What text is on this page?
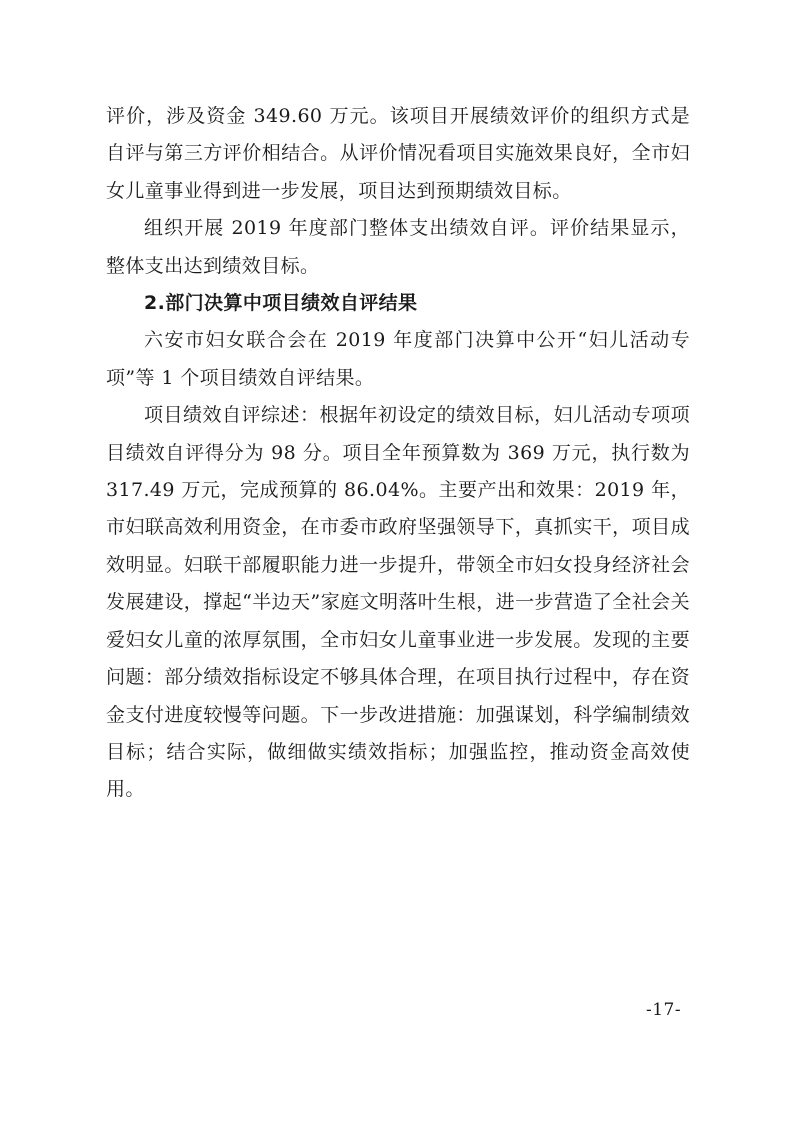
评价，涉及资金 349.60 万元。该项目开展绩效评价的组织方式是自评与第三方评价相结合。从评价情况看项目实施效果良好，全市妇女儿童事业得到进一步发展，项目达到预期绩效目标。

组织开展 2019 年度部门整体支出绩效自评。评价结果显示，整体支出达到绩效目标。

2.部门决算中项目绩效自评结果

六安市妇女联合会在 2019 年度部门决算中公开“妇儿活动专项”等 1 个项目绩效自评结果。

项目绩效自评综述：根据年初设定的绩效目标，妇儿活动专项项目绩效自评得分为 98 分。项目全年预算数为 369 万元，执行数为 317.49 万元，完成预算的 86.04%。主要产出和效果：2019 年，市妇联高效利用资金，在市委市政府坚强领导下，真抓实干，项目成效明显。妇联干部履职能力进一步提升，带领全市妇女投身经济社会发展建设，撑起“半边天”家庭文明落叶生根，进一步营造了全社会关爱妇女儿童的浓厚氛围，全市妇女儿童事业进一步发展。发现的主要问题：部分绩效指标设定不够具体合理，在项目执行过程中，存在资金支付进度较慢等问题。下一步改进措施：加强谋划，科学编制绩效目标；结合实际，做细做实绩效指标；加强监控，推动资金高效使用。

-17-
